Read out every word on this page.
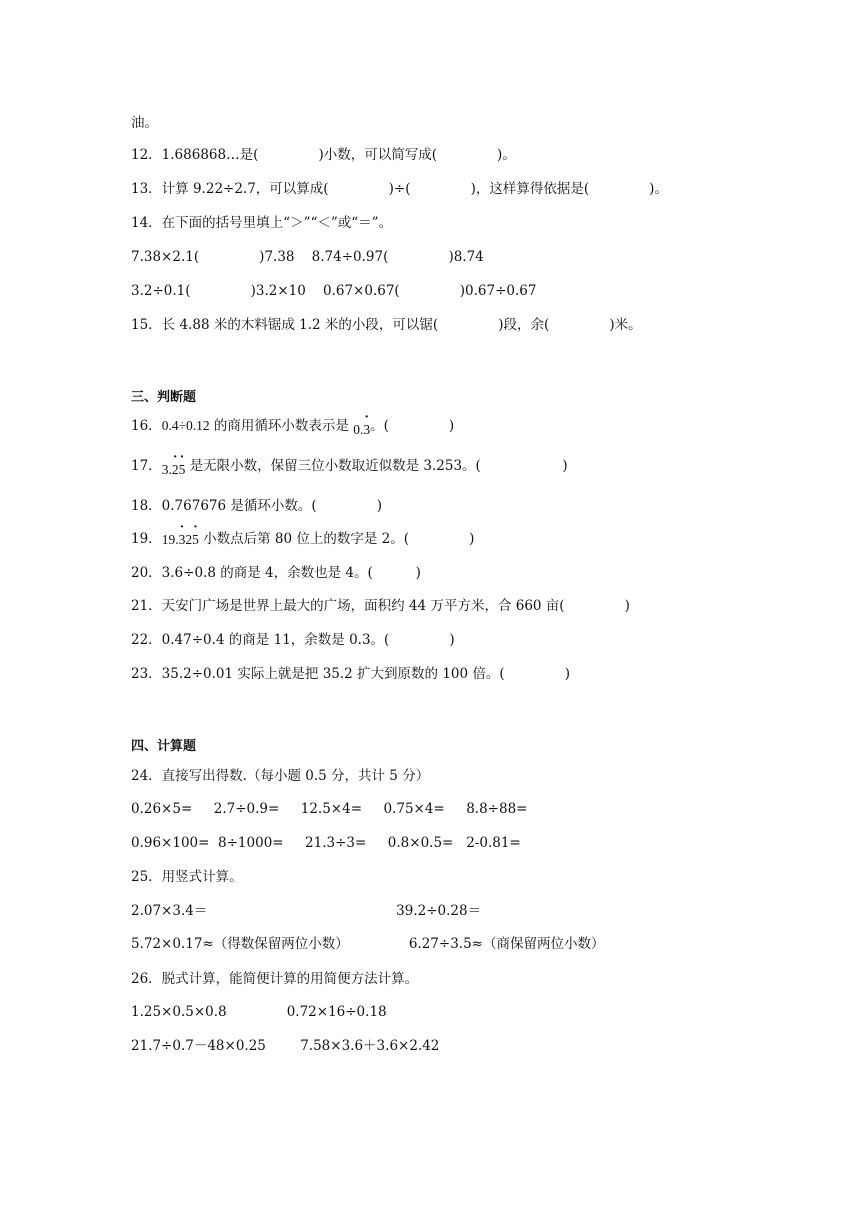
油。
12．1.686868…是(              )小数，可以简写成(              )。
13．计算 9.22÷2.7，可以算成(              )÷(              )，这样算得依据是(              )。
14．在下面的括号里填上“＞”“＜”或“＝”。
7.38×2.1(              )7.38    8.74÷0.97(              )8.74
3.2÷0.1(              )3.2×10    0.67×0.67(              )0.67÷0.67
15．长 4.88 米的木料锯成 1.2 米的小段，可以锯(              )段，余(              )米。
三、判断题
16．0.4÷0.12 的商用循环小数表示是 0.· 3。(              )
17．3.· 2· 5 是无限小数，保留三位小数取近似数是 3.253。(                   )
18．0.767676 是循环小数。(              )
19．19.· 32· 5 小数点后第 80 位上的数字是 2。(              )
20．3.6÷0.8 的商是 4，余数也是 4。(          )
21．天安门广场是世界上最大的广场，面积约 44 万平方米，合 660 亩(              )
22．0.47÷0.4 的商是 11，余数是 0.3。(              )
23．35.2÷0.01 实际上就是把 35.2 扩大到原数的 100 倍。(              )
四、计算题
24．直接写出得数.（每小题 0.5 分，共计 5 分）
0.26×5=     2.7÷0.9=     12.5×4=     0.75×4=     8.8÷88=
0.96×100=  8÷1000=     21.3÷3=     0.8×0.5=   2-0.81=
25．用竖式计算。
2.07×3.4＝                                            39.2÷0.28＝
5.72×0.17≈（得数保留两位小数）              6.27÷3.5≈（商保留两位小数）
26．脱式计算，能简便计算的用简便方法计算。
1.25×0.5×0.8              0.72×16÷0.18
21.7÷0.7－48×0.25        7.58×3.6＋3.6×2.42
